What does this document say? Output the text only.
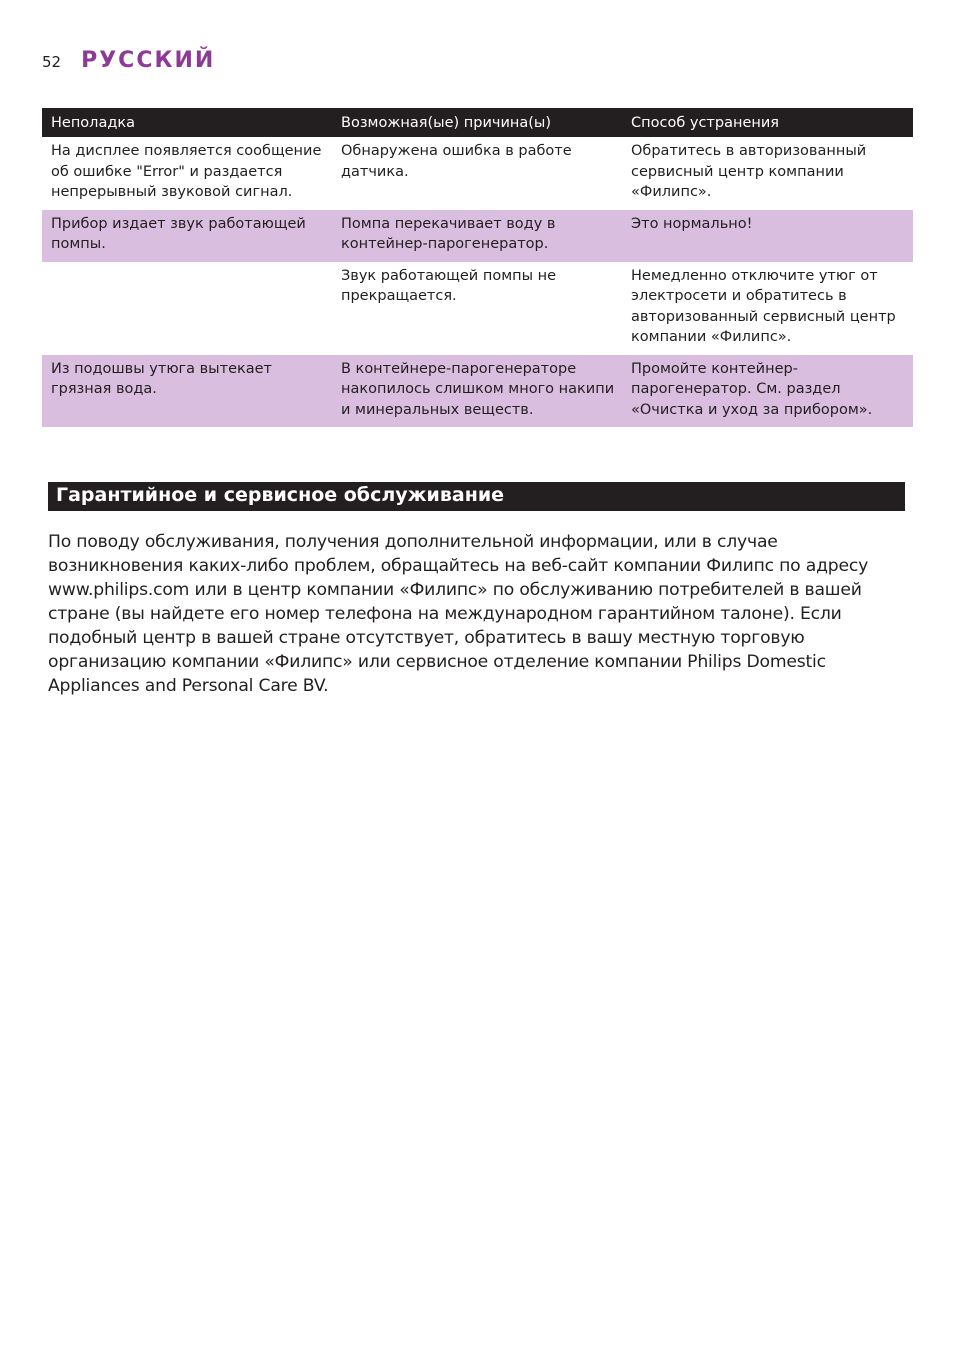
52 РУССКИЙ
Неполадка	Возможная(ые) причина(ы)	Способ устранения
На дисплее появляется сообщение об ошибке "Error" и раздается непрерывный звуковой сигнал.	Обнаружена ошибка в работе датчика.	Обратитесь в авторизованный сервисный центр компании «Филипс».
Прибор издает звук работающей помпы.	Помпа перекачивает воду в контейнер-парогенератор.	Это нормально!
	Звук работающей помпы не прекращается.	Немедленно отключите утюг от электросети и обратитесь в авторизованный сервисный центр компании «Филипс».
Из подошвы утюга вытекает грязная вода.	В контейнере-парогенераторе накопилось слишком много накипи и минеральных веществ.	Промойте контейнер-парогенератор. См. раздел «Очистка и уход за прибором».
Гарантийное и сервисное обслуживание

По поводу обслуживания, получения дополнительной информации, или в случае возникновения каких-либо проблем, обращайтесь на веб-сайт компании Филипс по адресу www.philips.com или в центр компании «Филипс» по обслуживанию потребителей в вашей стране (вы найдете его номер телефона на международном гарантийном талоне). Если подобный центр в вашей стране отсутствует, обратитесь в вашу местную торговую организацию компании «Филипс» или сервисное отделение компании Philips Domestic Appliances and Personal Care BV.
